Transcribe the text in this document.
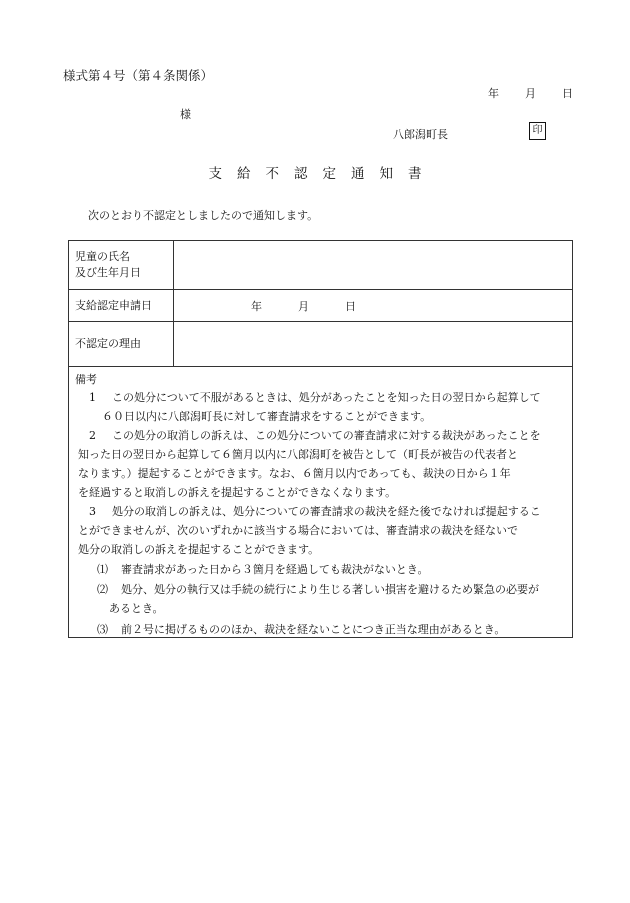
様式第４号（第４条関係）
年 月 日
様
八郎潟町長	印
支給不認定通知書
次のとおり不認定としましたので通知します。
児童の氏名
及び生年月日
支給認定申請日	年	月	日
不認定の理由
備考
1 この処分について不服があるときは、処分があったことを知った日の翌日から起算して
６０日以内に八郎潟町長に対して審査請求をすることができます。
2 この処分の取消しの訴えは、この処分についての審査請求に対する裁決があったことを
知った日の翌日から起算して６箇月以内に八郎潟町を被告として（町長が被告の代表者と
なります。）提起することができます。なお、６箇月以内であっても、裁決の日から１年
を経過すると取消しの訴えを提起することができなくなります。
3 処分の取消しの訴えは、処分についての審査請求の裁決を経た後でなければ提起するこ
とができませんが、次のいずれかに該当する場合においては、審査請求の裁決を経ないで
処分の取消しの訴えを提起することができます。
⑴ 審査請求があった日から３箇月を経過しても裁決がないとき。
⑵ 処分、処分の執行又は手続の続行により生じる著しい損害を避けるため緊急の必要が
あるとき。
⑶ 前２号に掲げるもののほか、裁決を経ないことにつき正当な理由があるとき。
